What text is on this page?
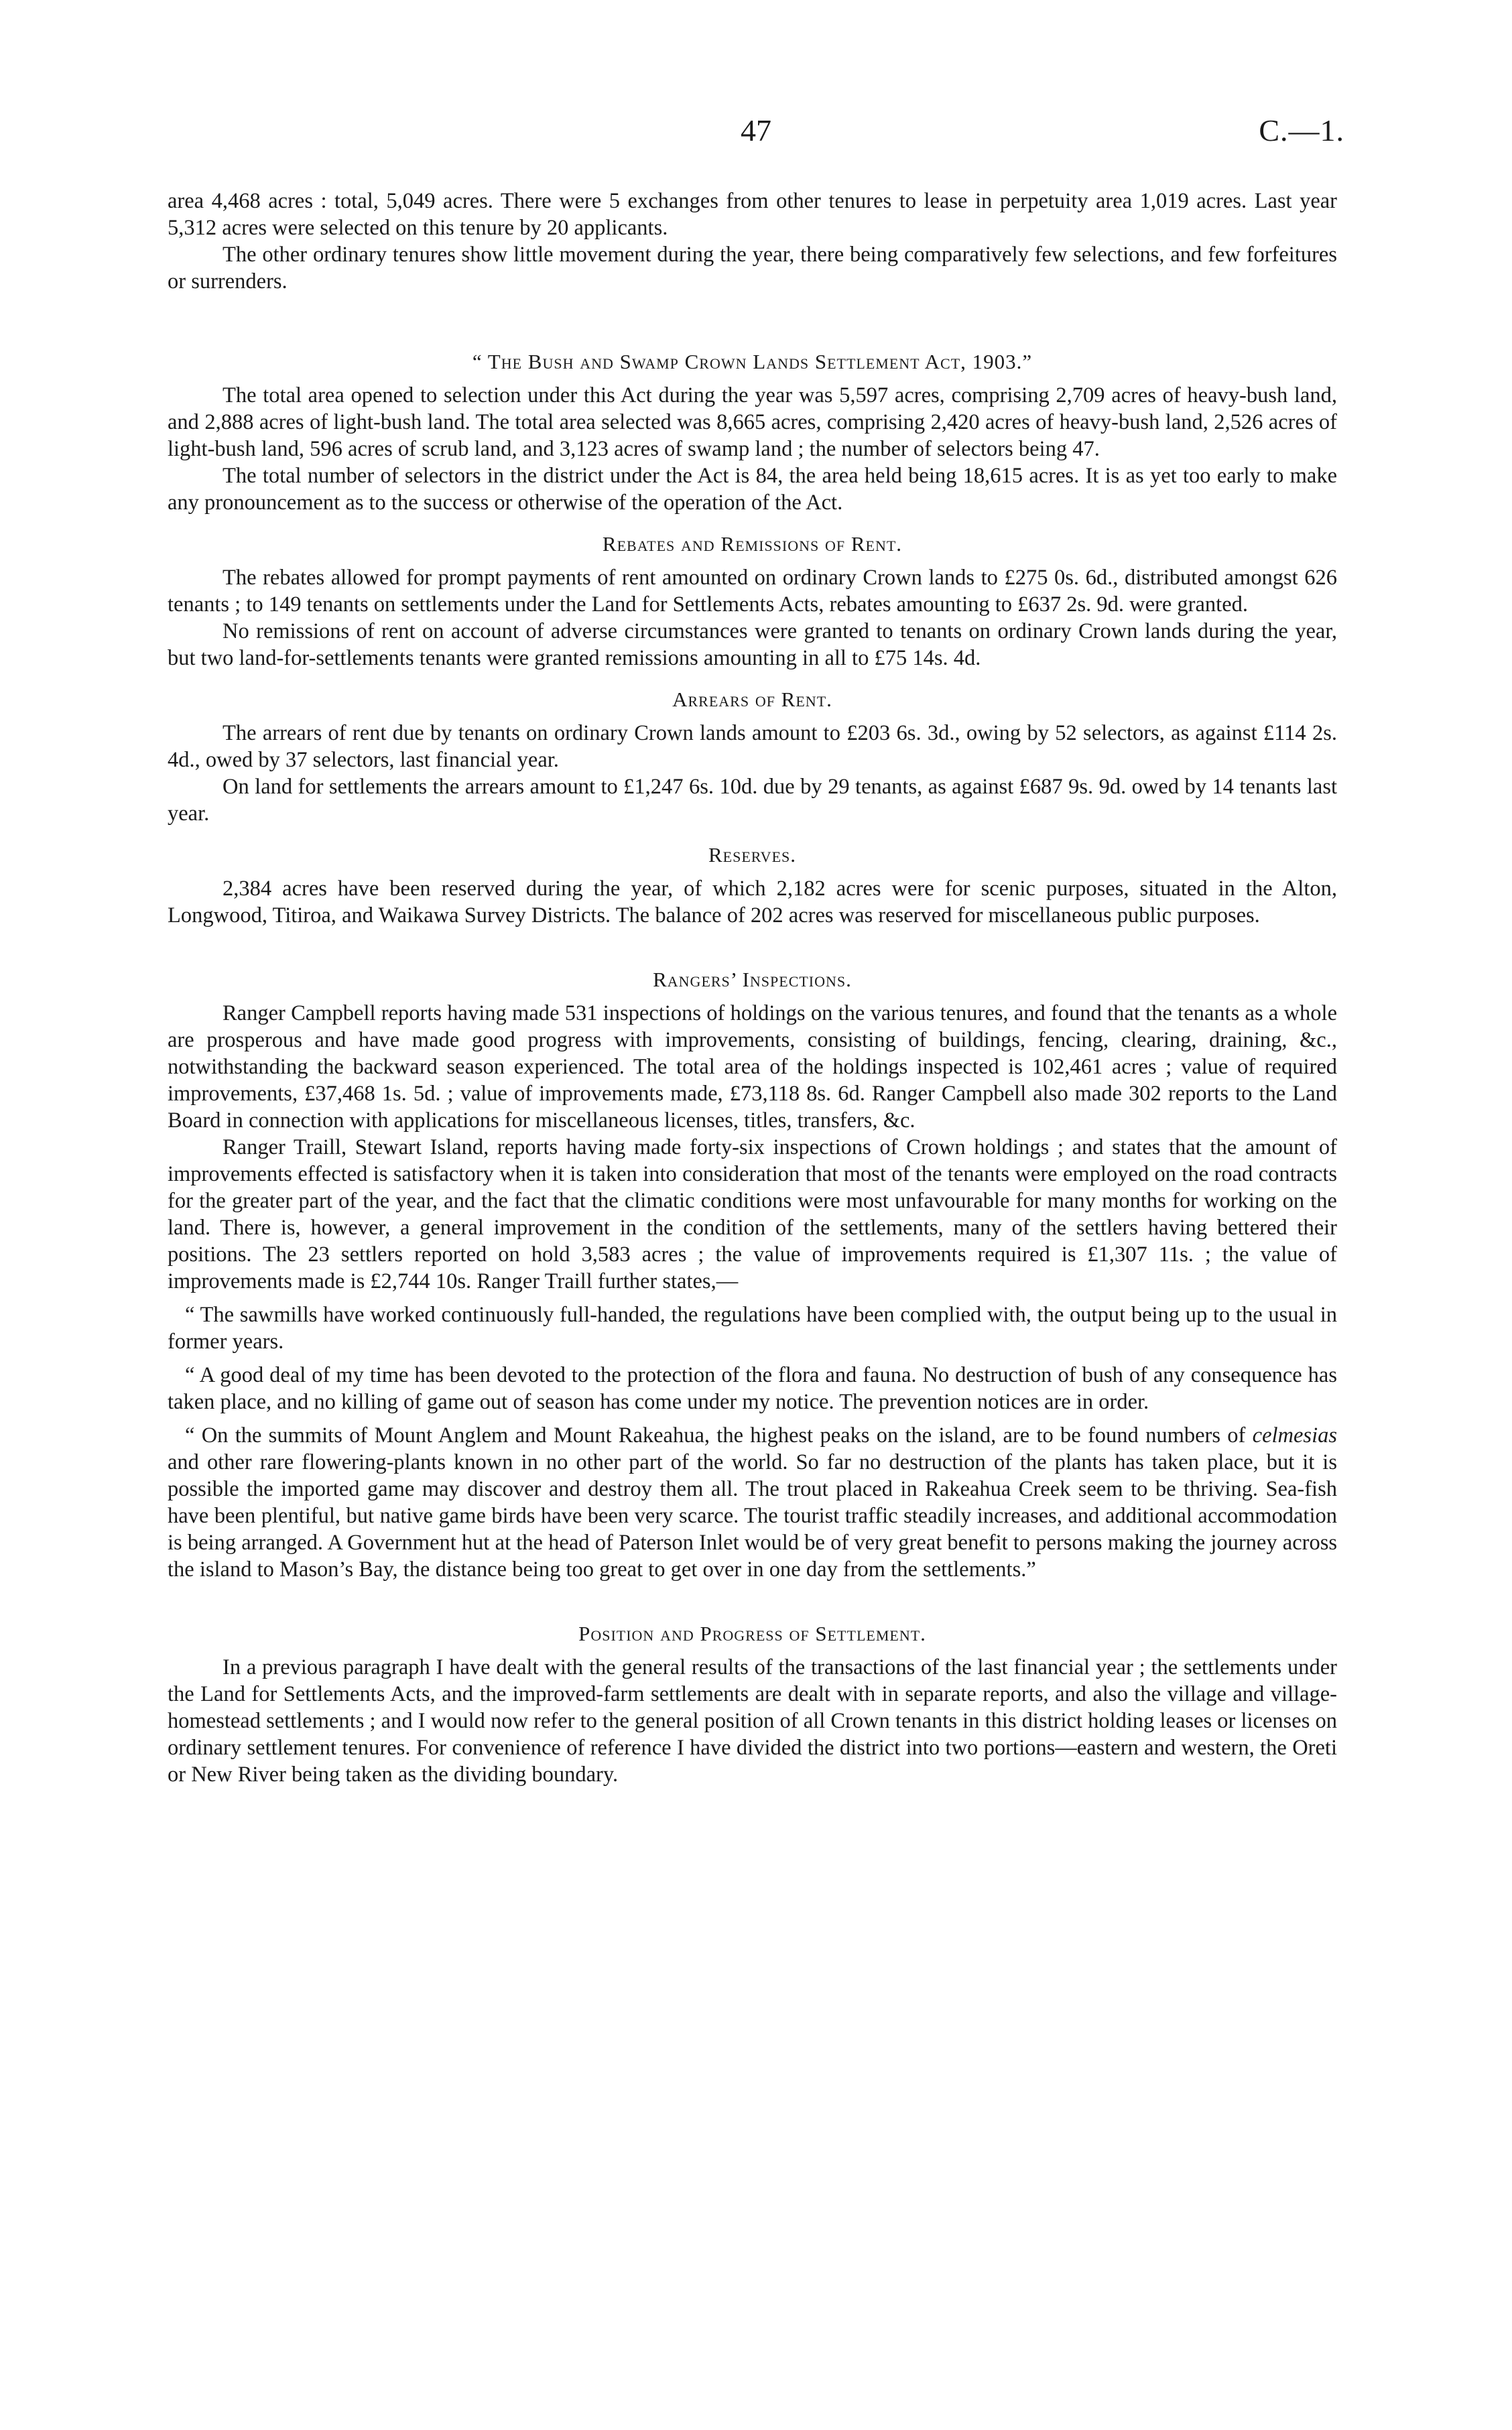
47	C.—1.

area 4,468 acres : total, 5,049 acres. There were 5 exchanges from other tenures to lease in perpetuity area 1,019 acres. Last year 5,312 acres were selected on this tenure by 20 applicants.

The other ordinary tenures show little movement during the year, there being comparatively few selections, and few forfeitures or surrenders.

“ The Bush and Swamp Crown Lands Settlement Act, 1903.”

The total area opened to selection under this Act during the year was 5,597 acres, comprising 2,709 acres of heavy-bush land, and 2,888 acres of light-bush land. The total area selected was 8,665 acres, comprising 2,420 acres of heavy-bush land, 2,526 acres of light-bush land, 596 acres of scrub land, and 3,123 acres of swamp land ; the number of selectors being 47.

The total number of selectors in the district under the Act is 84, the area held being 18,615 acres. It is as yet too early to make any pronouncement as to the success or otherwise of the operation of the Act.

Rebates and Remissions of Rent.

The rebates allowed for prompt payments of rent amounted on ordinary Crown lands to £275 0s. 6d., distributed amongst 626 tenants ; to 149 tenants on settlements under the Land for Settlements Acts, rebates amounting to £637 2s. 9d. were granted.

No remissions of rent on account of adverse circumstances were granted to tenants on ordinary Crown lands during the year, but two land-for-settlements tenants were granted remissions amounting in all to £75 14s. 4d.

Arrears of Rent.

The arrears of rent due by tenants on ordinary Crown lands amount to £203 6s. 3d., owing by 52 selectors, as against £114 2s. 4d., owed by 37 selectors, last financial year.

On land for settlements the arrears amount to £1,247 6s. 10d. due by 29 tenants, as against £687 9s. 9d. owed by 14 tenants last year.

Reserves.

2,384 acres have been reserved during the year, of which 2,182 acres were for scenic purposes, situated in the Alton, Longwood, Titiroa, and Waikawa Survey Districts. The balance of 202 acres was reserved for miscellaneous public purposes.

Rangers’ Inspections.

Ranger Campbell reports having made 531 inspections of holdings on the various tenures, and found that the tenants as a whole are prosperous and have made good progress with improvements, consisting of buildings, fencing, clearing, draining, &c., notwithstanding the backward season experienced. The total area of the holdings inspected is 102,461 acres ; value of required improvements, £37,468 1s. 5d. ; value of improvements made, £73,118 8s. 6d. Ranger Campbell also made 302 reports to the Land Board in connection with applications for miscellaneous licenses, titles, transfers, &c.

Ranger Traill, Stewart Island, reports having made forty-six inspections of Crown holdings ; and states that the amount of improvements effected is satisfactory when it is taken into consideration that most of the tenants were employed on the road contracts for the greater part of the year, and the fact that the climatic conditions were most unfavourable for many months for working on the land. There is, however, a general improvement in the condition of the settlements, many of the settlers having bettered their positions. The 23 settlers reported on hold 3,583 acres ; the value of improvements required is £1,307 11s. ; the value of improvements made is £2,744 10s. Ranger Traill further states,—

“ The sawmills have worked continuously full-handed, the regulations have been complied with, the output being up to the usual in former years.

“ A good deal of my time has been devoted to the protection of the flora and fauna. No destruction of bush of any consequence has taken place, and no killing of game out of season has come under my notice. The prevention notices are in order.

“ On the summits of Mount Anglem and Mount Rakeahua, the highest peaks on the island, are to be found numbers of celmesias and other rare flowering-plants known in no other part of the world. So far no destruction of the plants has taken place, but it is possible the imported game may discover and destroy them all. The trout placed in Rakeahua Creek seem to be thriving. Sea-fish have been plentiful, but native game birds have been very scarce. The tourist traffic steadily increases, and additional accommodation is being arranged. A Government hut at the head of Paterson Inlet would be of very great benefit to persons making the journey across the island to Mason’s Bay, the distance being too great to get over in one day from the settlements.”

Position and Progress of Settlement.

In a previous paragraph I have dealt with the general results of the transactions of the last financial year ; the settlements under the Land for Settlements Acts, and the improved-farm settlements are dealt with in separate reports, and also the village and village-homestead settlements ; and I would now refer to the general position of all Crown tenants in this district holding leases or licenses on ordinary settlement tenures. For convenience of reference I have divided the district into two portions—eastern and western, the Oreti or New River being taken as the dividing boundary.
